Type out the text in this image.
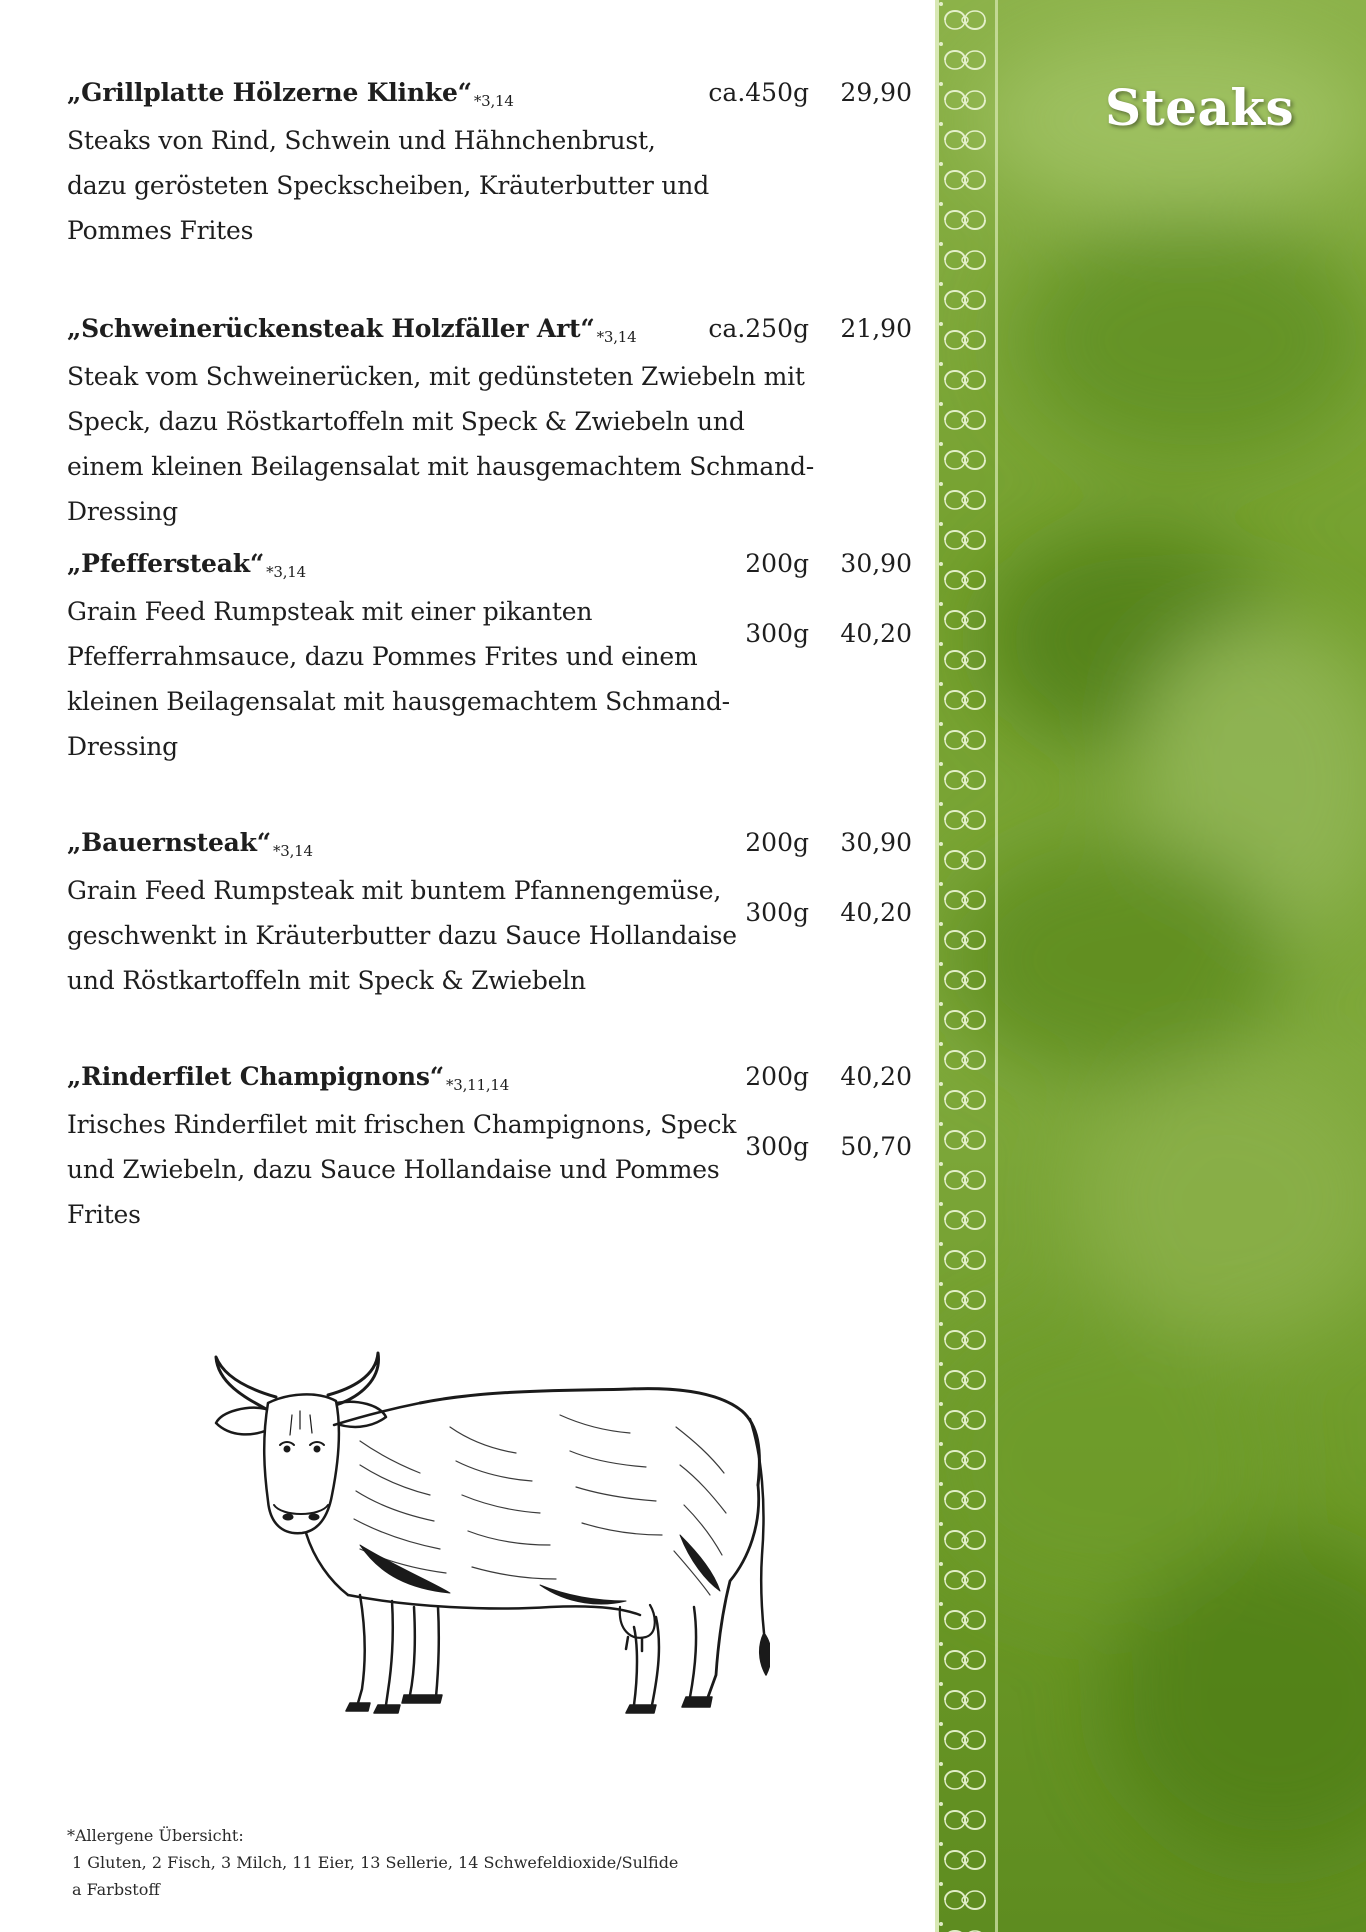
„Grillplatte Hölzerne Klinke“ $^{*3,14}$
Steaks von Rind, Schwein und Hähnchenbrust,
dazu gerösteten Speckscheiben, Kräuterbutter und
Pommes Frites
ca.450g 29,90
„Schweinerückensteak Holzfäller Art“ $^{*3,14}$
Steak vom Schweinerücken, mit gedünsteten Zwiebeln mit
Speck, dazu Röstkartoffeln mit Speck & Zwiebeln und
einem kleinen Beilagensalat mit hausgemachtem Schmand-
Dressing
ca.250g 21,90
„Pfeffersteak“ $^{*3,14}$
Grain Feed Rumpsteak mit einer pikanten
Pfefferrahmsauce, dazu Pommes Frites und einem
kleinen Beilagensalat mit hausgemachtem Schmand-
Dressing
200g 30,90
300g 40,20
„Bauernsteak“ $^{*3,14}$
Grain Feed Rumpsteak mit buntem Pfannengemüse,
geschwenkt in Kräuterbutter dazu Sauce Hollandaise
und Röstkartoffeln mit Speck & Zwiebeln
200g 30,90
300g 40,20
„Rinderfilet Champignons“ $^{*3,11,14}$
Irisches Rinderfilet mit frischen Champignons, Speck
und Zwiebeln, dazu Sauce Hollandaise und Pommes
Frites
200g 40,20
300g 50,70
*Allergene Übersicht:
1 Gluten, 2 Fisch, 3 Milch, 11 Eier, 13 Sellerie, 14 Schwefeldioxide/Sulfide
a Farbstoff
Steaks
